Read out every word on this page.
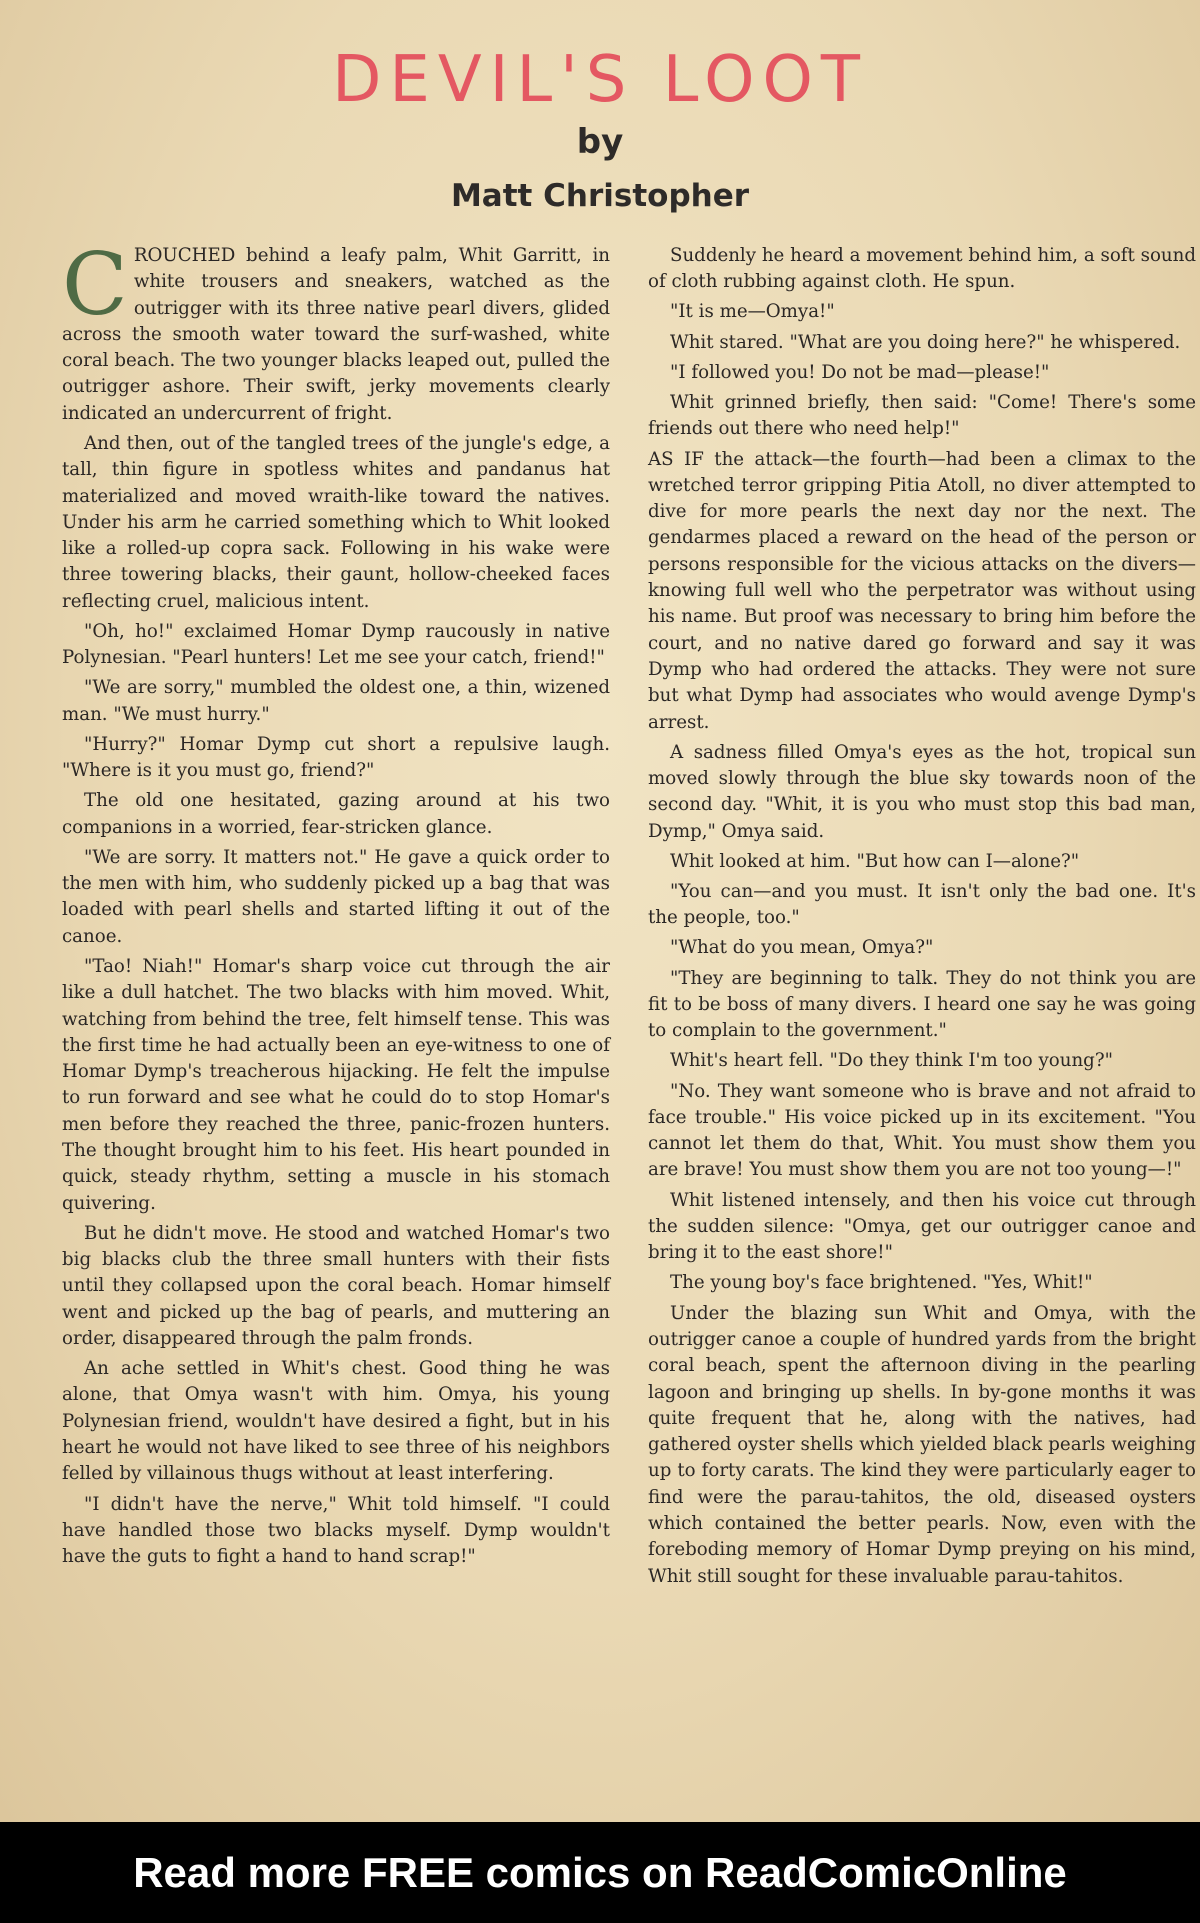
DEVIL'S LOOT
by
Matt Christopher

CROUCHED behind a leafy palm, Whit Garritt, in white trousers and sneakers, watched as the outrigger with its three native pearl divers, glided across the smooth water toward the surf-washed, white coral beach. The two younger blacks leaped out, pulled the outrigger ashore. Their swift, jerky movements clearly indicated an undercurrent of fright.

And then, out of the tangled trees of the jungle's edge, a tall, thin figure in spotless whites and pandanus hat materialized and moved wraith-like toward the natives. Under his arm he carried something which to Whit looked like a rolled-up copra sack. Following in his wake were three towering blacks, their gaunt, hollow-cheeked faces reflecting cruel, malicious intent.

"Oh, ho!" exclaimed Homar Dymp raucously in native Polynesian. "Pearl hunters! Let me see your catch, friend!"

"We are sorry," mumbled the oldest one, a thin, wizened man. "We must hurry."

"Hurry?" Homar Dymp cut short a repulsive laugh. "Where is it you must go, friend?"

The old one hesitated, gazing around at his two companions in a worried, fear-stricken glance.

"We are sorry. It matters not." He gave a quick order to the men with him, who suddenly picked up a bag that was loaded with pearl shells and started lifting it out of the canoe.

"Tao! Niah!" Homar's sharp voice cut through the air like a dull hatchet. The two blacks with him moved. Whit, watching from behind the tree, felt himself tense. This was the first time he had actually been an eye-witness to one of Homar Dymp's treacherous hijacking. He felt the impulse to run forward and see what he could do to stop Homar's men before they reached the three, panic-frozen hunters. The thought brought him to his feet. His heart pounded in quick, steady rhythm, setting a muscle in his stomach quivering.

But he didn't move. He stood and watched Homar's two big blacks club the three small hunters with their fists until they collapsed upon the coral beach. Homar himself went and picked up the bag of pearls, and muttering an order, disappeared through the palm fronds.

An ache settled in Whit's chest. Good thing he was alone, that Omya wasn't with him. Omya, his young Polynesian friend, wouldn't have desired a fight, but in his heart he would not have liked to see three of his neighbors felled by villainous thugs without at least interfering.

"I didn't have the nerve," Whit told himself. "I could have handled those two blacks myself. Dymp wouldn't have the guts to fight a hand to hand scrap!"

Suddenly he heard a movement behind him, a soft sound of cloth rubbing against cloth. He spun.

"It is me—Omya!"

Whit stared. "What are you doing here?" he whispered.

"I followed you! Do not be mad—please!"

Whit grinned briefly, then said: "Come! There's some friends out there who need help!"

AS IF the attack—the fourth—had been a climax to the wretched terror gripping Pitia Atoll, no diver attempted to dive for more pearls the next day nor the next. The gendarmes placed a reward on the head of the person or persons responsible for the vicious attacks on the divers—knowing full well who the perpetrator was without using his name. But proof was necessary to bring him before the court, and no native dared go forward and say it was Dymp who had ordered the attacks. They were not sure but what Dymp had associates who would avenge Dymp's arrest.

A sadness filled Omya's eyes as the hot, tropical sun moved slowly through the blue sky towards noon of the second day. "Whit, it is you who must stop this bad man, Dymp," Omya said.

Whit looked at him. "But how can I—alone?"

"You can—and you must. It isn't only the bad one. It's the people, too."

"What do you mean, Omya?"

"They are beginning to talk. They do not think you are fit to be boss of many divers. I heard one say he was going to complain to the government."

Whit's heart fell. "Do they think I'm too young?"

"No. They want someone who is brave and not afraid to face trouble." His voice picked up in its excitement. "You cannot let them do that, Whit. You must show them you are brave! You must show them you are not too young—!"

Whit listened intensely, and then his voice cut through the sudden silence: "Omya, get our outrigger canoe and bring it to the east shore!"

The young boy's face brightened. "Yes, Whit!"

Under the blazing sun Whit and Omya, with the outrigger canoe a couple of hundred yards from the bright coral beach, spent the afternoon diving in the pearling lagoon and bringing up shells. In by-gone months it was quite frequent that he, along with the natives, had gathered oyster shells which yielded black pearls weighing up to forty carats. The kind they were particularly eager to find were the parau-tahitos, the old, diseased oysters which contained the better pearls. Now, even with the foreboding memory of Homar Dymp preying on his mind, Whit still sought for these invaluable parau-tahitos.

Read more FREE comics on ReadComicOnline
